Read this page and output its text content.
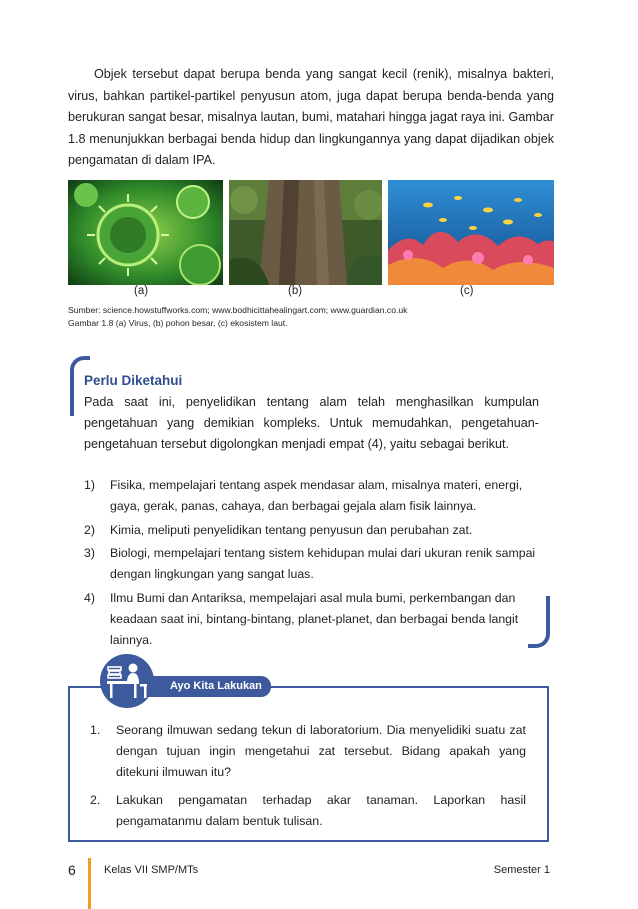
Objek tersebut dapat berupa benda yang sangat kecil (renik), misalnya bakteri, virus, bahkan partikel-partikel penyusun atom, juga dapat berupa benda-benda yang berukuran sangat besar, misalnya lautan, bumi, matahari hingga jagat raya ini. Gambar 1.8 menunjukkan berbagai benda hidup dan lingkungannya yang dapat dijadikan objek pengamatan di dalam IPA.

(a)	(b)	(c)
Sumber: science.howstuffworks.com; www.bodhicittahealingart.com; www.guardian.co.uk
Gambar 1.8 (a) Virus, (b) pohon besar, (c) ekosistem laut.
Perlu Diketahui

Pada saat ini, penyelidikan tentang alam telah menghasilkan kumpulan pengetahuan yang demikian kompleks. Untuk memudahkan, pengetahuan-pengetahuan tersebut digolongkan menjadi empat (4), yaitu sebagai berikut.

1) Fisika, mempelajari tentang aspek mendasar alam, misalnya materi, energi, gaya, gerak, panas, cahaya, dan berbagai gejala alam fisik lainnya.
2) Kimia, meliputi penyelidikan tentang penyusun dan perubahan zat.
3) Biologi, mempelajari tentang sistem kehidupan mulai dari ukuran renik sampai dengan lingkungan yang sangat luas.
4) Ilmu Bumi dan Antariksa, mempelajari asal mula bumi, perkembangan dan keadaan saat ini, bintang-bintang, planet-planet, dan berbagai benda langit lainnya.
Ayo Kita Lakukan
1. Seorang ilmuwan sedang tekun di laboratorium. Dia menyelidiki suatu zat dengan tujuan ingin mengetahui zat tersebut. Bidang apakah yang ditekuni ilmuwan itu?
2. Lakukan pengamatan terhadap akar tanaman. Laporkan hasil pengamatanmu dalam bentuk tulisan.
6	Kelas VII SMP/MTs	Semester 1
